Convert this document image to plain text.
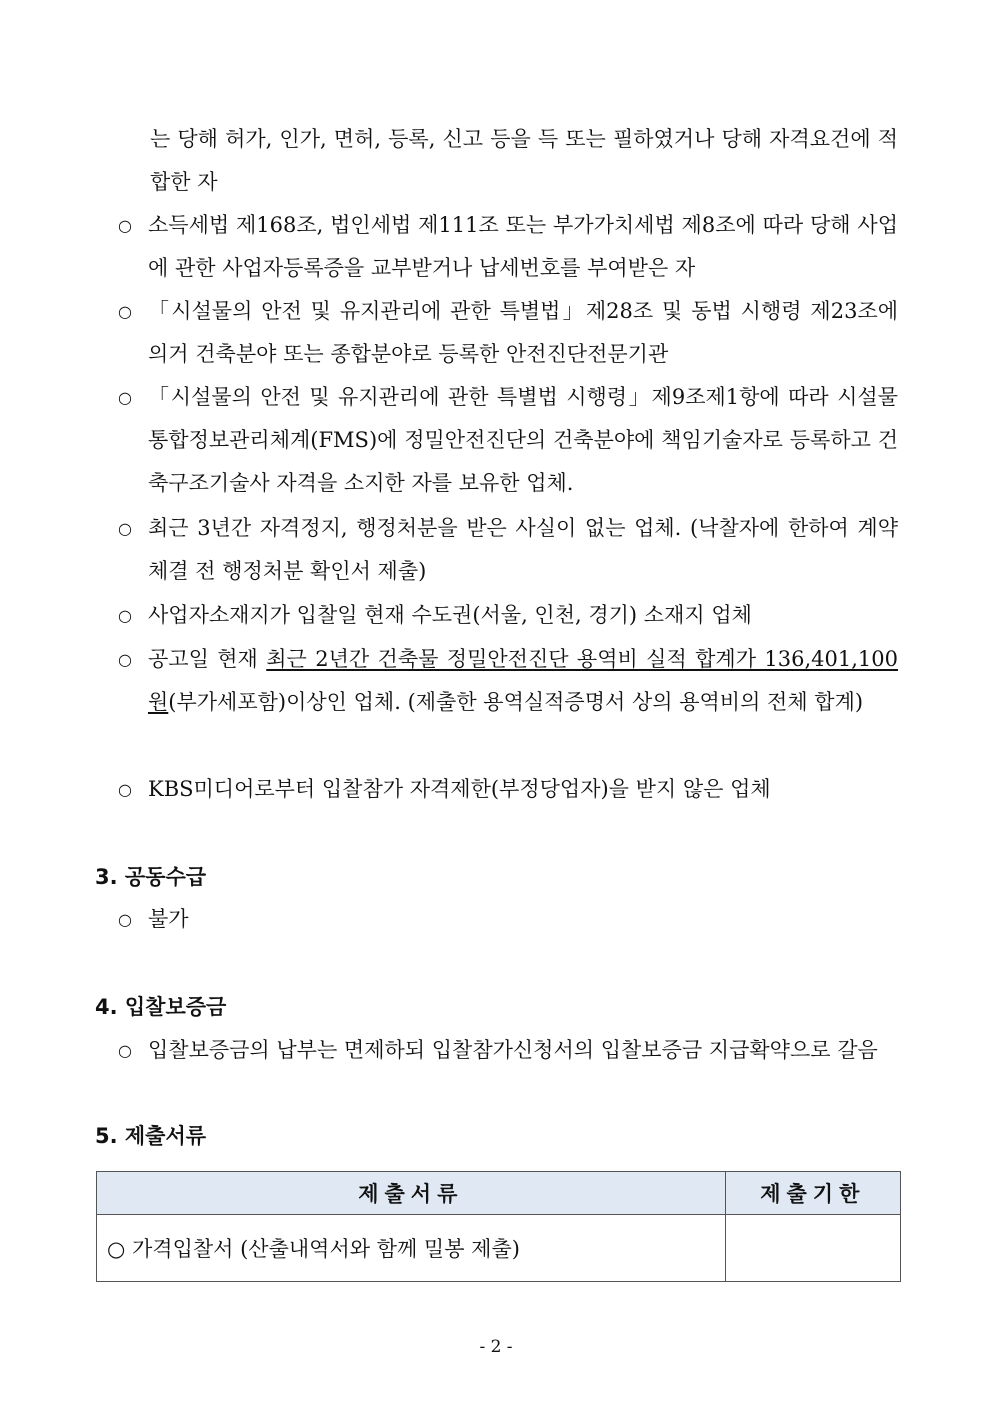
는 당해 허가, 인가, 면허, 등록, 신고 등을 득 또는 필하였거나 당해 자격요건에 적합한 자
○ 소득세법 제168조, 법인세법 제111조 또는 부가가치세법 제8조에 따라 당해 사업에 관한 사업자등록증을 교부받거나 납세번호를 부여받은 자
○ 「시설물의 안전 및 유지관리에 관한 특별법」제28조 및 동법 시행령 제23조에 의거 건축분야 또는 종합분야로 등록한 안전진단전문기관
○ 「시설물의 안전 및 유지관리에 관한 특별법 시행령」제9조제1항에 따라 시설물통합정보관리체계(FMS)에 정밀안전진단의 건축분야에 책임기술자로 등록하고 건축구조기술사 자격을 소지한 자를 보유한 업체.
○ 최근 3년간 자격정지, 행정처분을 받은 사실이 없는 업체. (낙찰자에 한하여 계약체결 전 행정처분 확인서 제출)
○ 사업자소재지가 입찰일 현재 수도권(서울, 인천, 경기) 소재지 업체
○ 공고일 현재 최근 2년간 건축물 정밀안전진단 용역비 실적 합계가 136,401,100원(부가세포함)이상인 업체. (제출한 용역실적증명서 상의 용역비의 전체 합계)
○ KBS미디어로부터 입찰참가 자격제한(부정당업자)을 받지 않은 업체
3. 공동수급
○ 불가
4. 입찰보증금
○ 입찰보증금의 납부는 면제하되 입찰참가신청서의 입찰보증금 지급확약으로 갈음
5. 제출서류
제출서류	제출기한
○ 가격입찰서 (산출내역서와 함께 밀봉 제출)	
- 2 -
